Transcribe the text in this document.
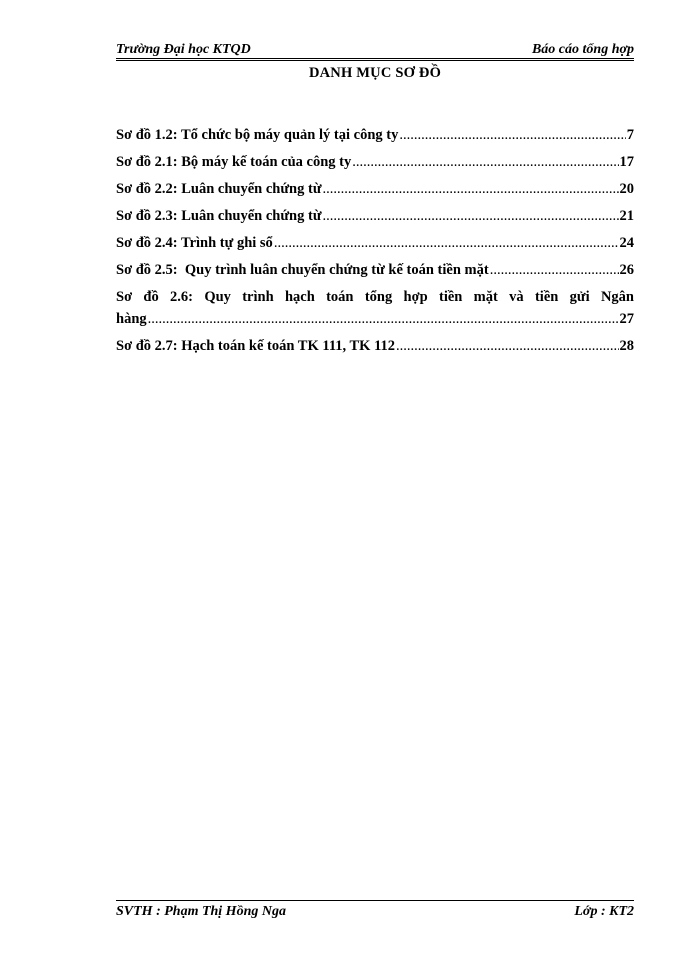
Trường Đại học KTQD	Báo cáo tổng hợp
DANH MỤC SƠ ĐỒ
Sơ đồ 1.2: Tổ chức bộ máy quản lý tại công ty .....	7
Sơ đồ 2.1: Bộ máy kế toán của công ty .....	17
Sơ đồ 2.2: Luân chuyển chứng từ .....	20
Sơ đồ 2.3: Luân chuyển chứng từ .....	21
Sơ đồ 2.4: Trình tự ghi sổ .....	24
Sơ đồ 2.5:  Quy trình luân chuyển chứng từ kế toán tiền mặt .....	26
Sơ đồ 2.6: Quy trình hạch toán tổng hợp tiền mặt và tiền gửi Ngân
hàng .....	27
Sơ đồ 2.7: Hạch toán kế toán TK 111, TK 112 .....	28
SVTH : Phạm Thị Hồng Nga	Lớp : KT2
